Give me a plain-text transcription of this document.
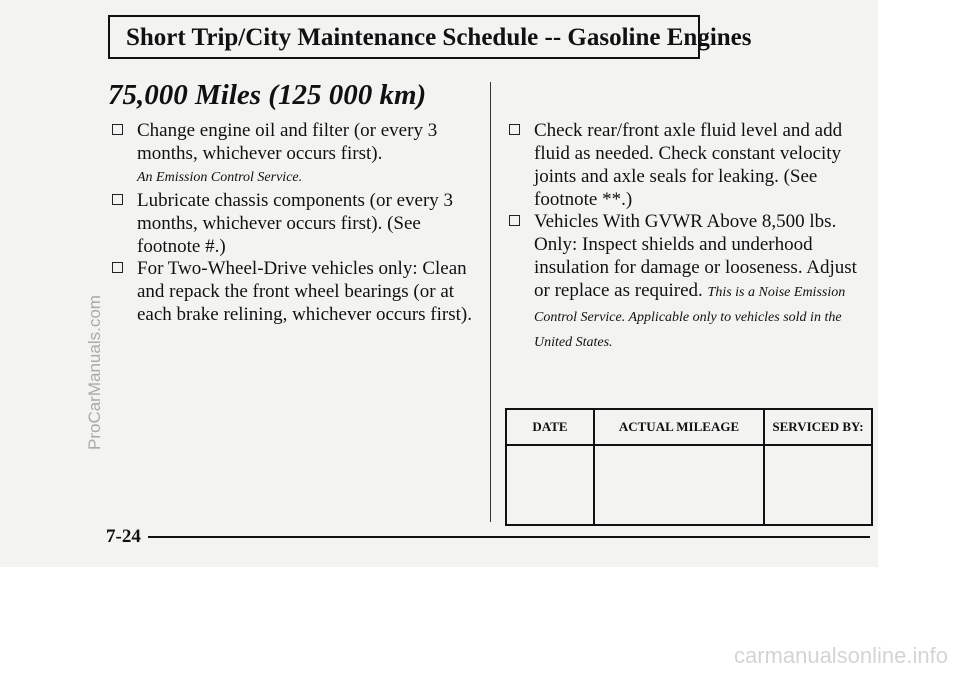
Short Trip/City Maintenance Schedule -- Gasoline Engines
75,000 Miles (125 000 km)
Change engine oil and filter (or every 3 months, whichever occurs first).
An Emission Control Service.
Lubricate chassis components (or every 3 months, whichever occurs first). (See footnote #.)
For Two-Wheel-Drive vehicles only: Clean and repack the front wheel bearings (or at each brake relining, whichever occurs first).
Check rear/front axle fluid level and add fluid as needed. Check constant velocity joints and axle seals for leaking. (See footnote **.)
Vehicles With GVWR Above 8,500 lbs. Only: Inspect shields and underhood insulation for damage or looseness. Adjust or replace as required. This is a Noise Emission Control Service. Applicable only to vehicles sold in the United States.
DATE	ACTUAL MILEAGE	SERVICED BY:

7-24

ProCarManuals.com
carmanualsonline.info
